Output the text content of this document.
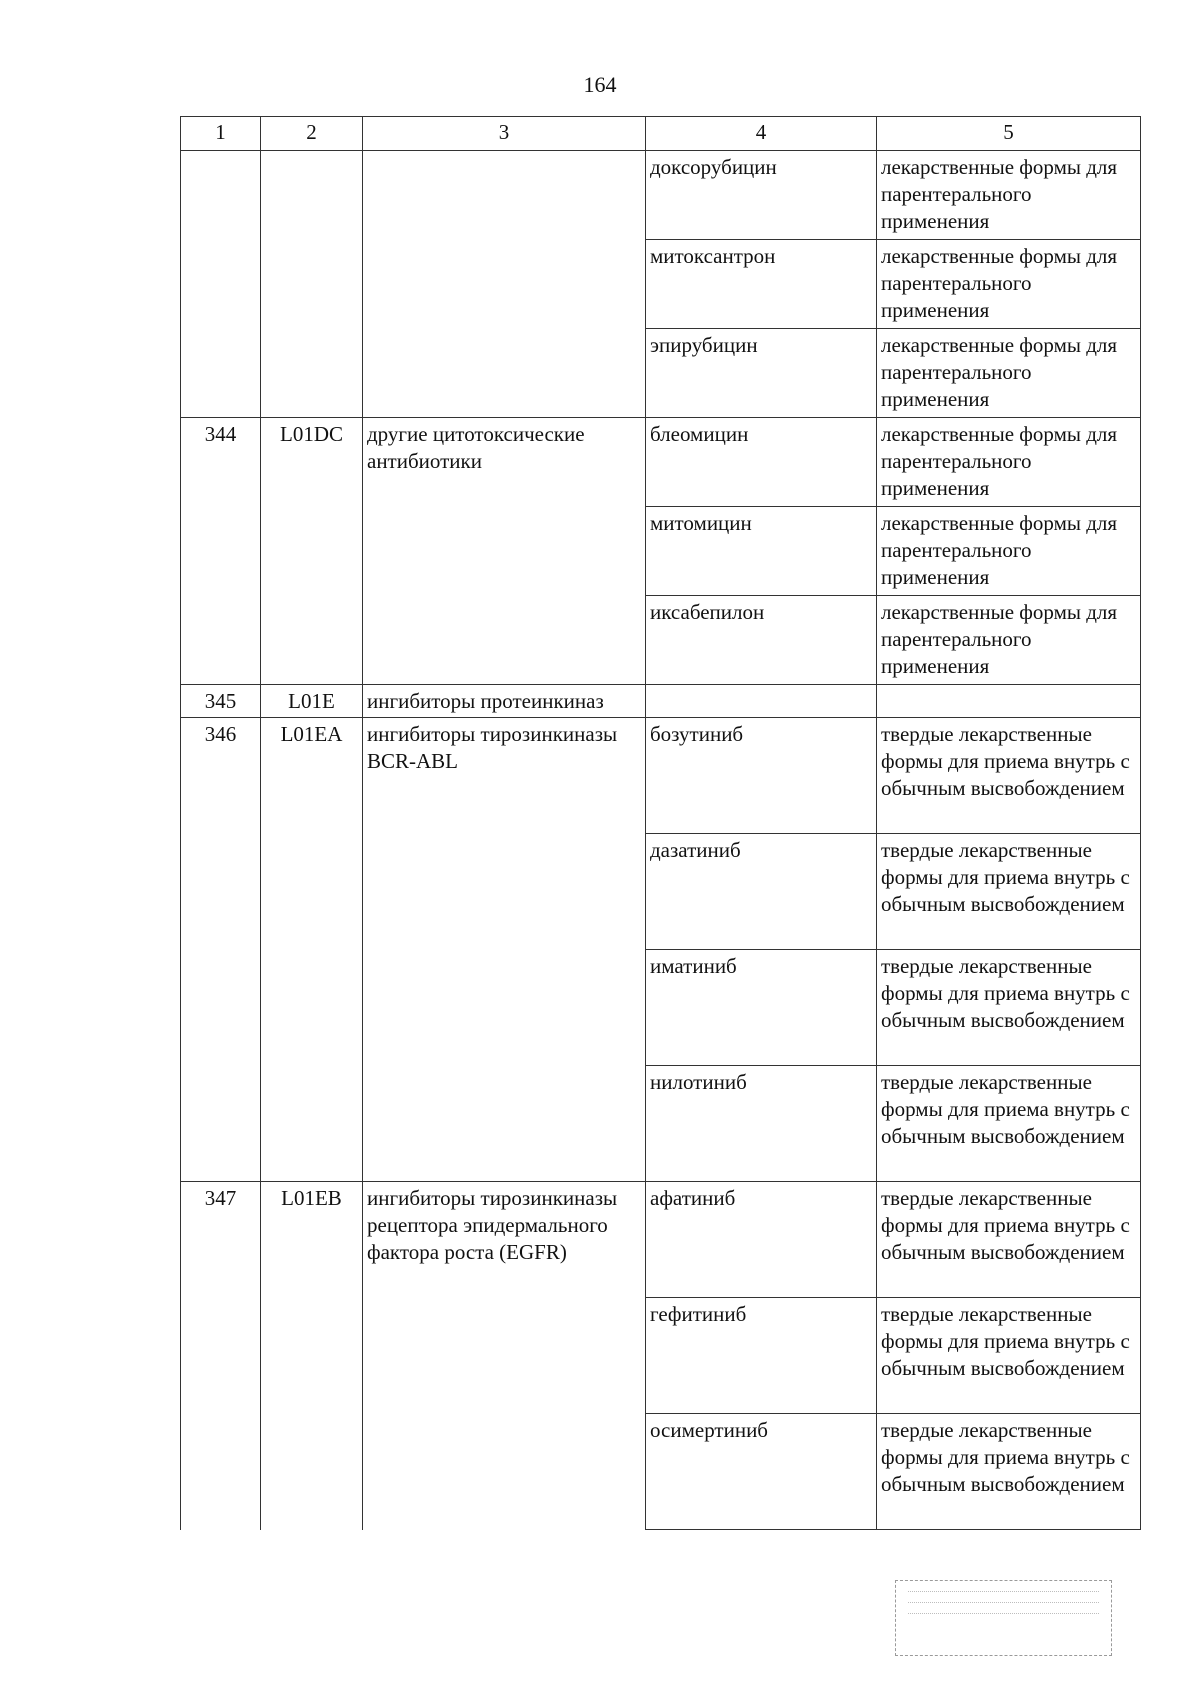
164
1	2	3	4	5
			доксорубицин	лекарственные формы для парентерального применения
			митоксантрон	лекарственные формы для парентерального применения
			эпирубицин	лекарственные формы для парентерального применения
344	L01DC	другие цитотоксические антибиотики	блеомицин	лекарственные формы для парентерального применения
			митомицин	лекарственные формы для парентерального применения
			иксабепилон	лекарственные формы для парентерального применения
345	L01E	ингибиторы протеинкиназ		
346	L01EA	ингибиторы тирозинкиназы BCR-ABL	бозутиниб	твердые лекарственные формы для приема внутрь с обычным высвобождением
			дазатиниб	твердые лекарственные формы для приема внутрь с обычным высвобождением
			иматиниб	твердые лекарственные формы для приема внутрь с обычным высвобождением
			нилотиниб	твердые лекарственные формы для приема внутрь с обычным высвобождением
347	L01EB	ингибиторы тирозинкиназы рецептора эпидермального фактора роста (EGFR)	афатиниб	твердые лекарственные формы для приема внутрь с обычным высвобождением
			гефитиниб	твердые лекарственные формы для приема внутрь с обычным высвобождением
			осимертиниб	твердые лекарственные формы для приема внутрь с обычным высвобождением
